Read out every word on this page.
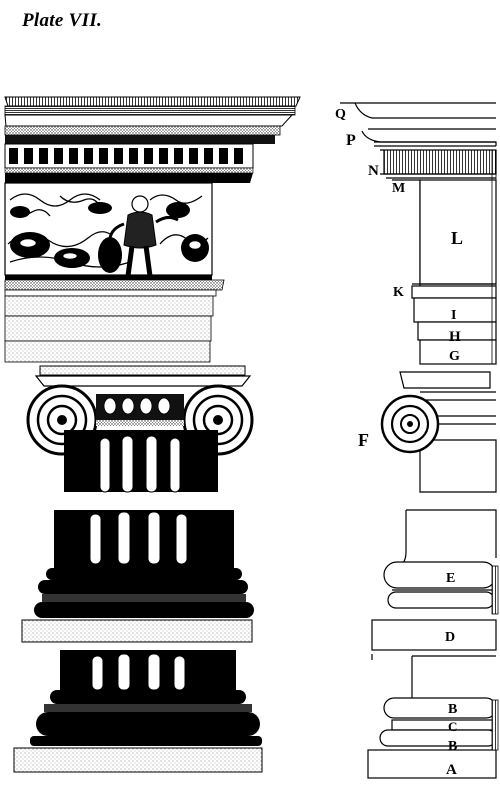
Plate VII.
Q
P
N
M
L
K
I
H
G
F
E
D
B
C
B
A
